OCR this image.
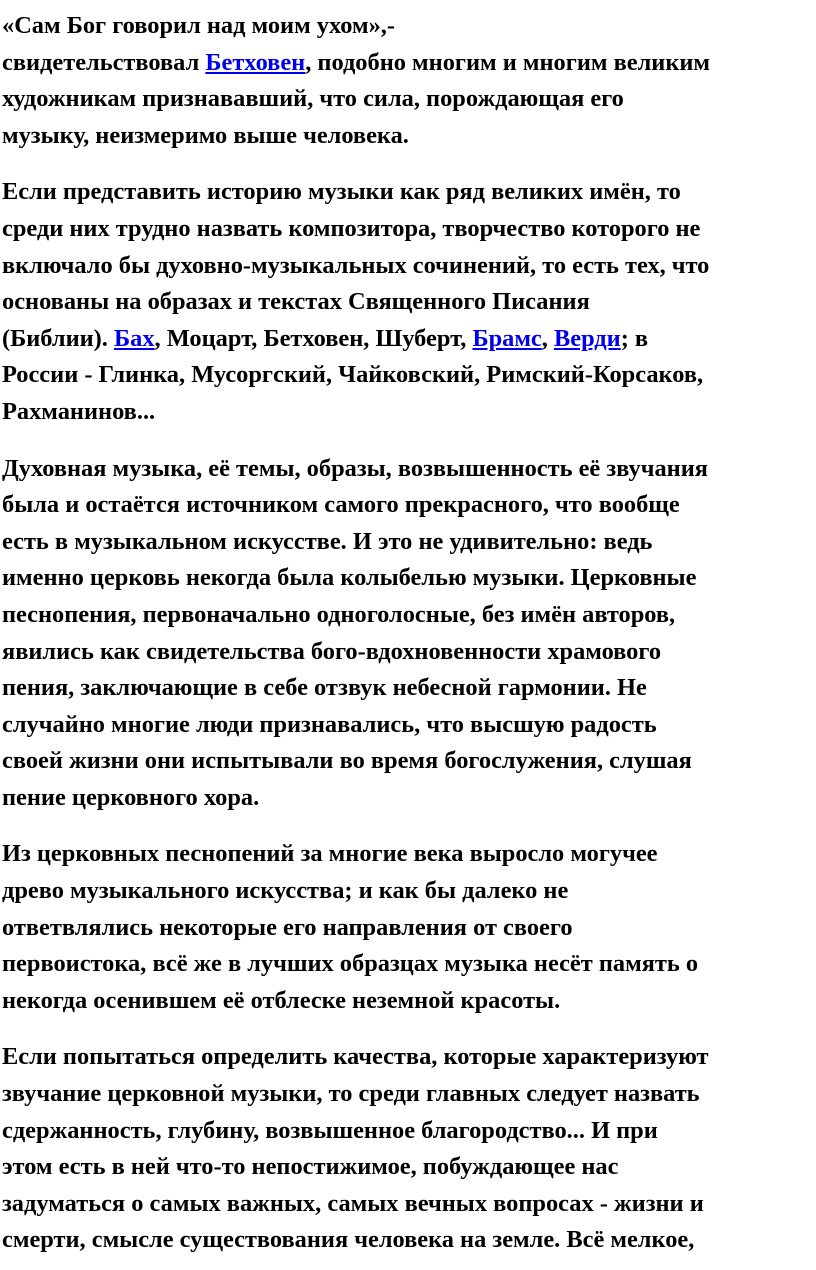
«Сам Бог говорил над моим ухом»,-
свидетельствовал Бетховен, подобно многим и многим великим
художникам признававший, что сила, порождающая его
музыку, неизмеримо выше человека.
Если представить историю музыки как ряд великих имён, то
среди них трудно назвать композитора, творчество которого не
включало бы духовно-музыкальных сочинений, то есть тех, что
основаны на образах и текстах Священного Писания
(Библии). Бах, Моцарт, Бетховен, Шуберт, Брамс, Верди; в
России - Глинка, Мусоргский, Чайковский, Римский-Корсаков,
Рахманинов...
Духовная музыка, её темы, образы, возвышенность её звучания
была и остаётся источником самого прекрасного, что вообще
есть в музыкальном искусстве. И это не удивительно: ведь
именно церковь некогда была колыбелью музыки. Церковные
песнопения, первоначально одноголосные, без имён авторов,
явились как свидетельства бого-вдохновенности храмового
пения, заключающие в себе отзвук небесной гармонии. Не
случайно многие люди признавались, что высшую радость
своей жизни они испытывали во время богослужения, слушая
пение церковного хора.
Из церковных песнопений за многие века выросло могучее
древо музыкального искусства; и как бы далеко не
ответвлялись некоторые его направления от своего
первоистока, всё же в лучших образцах музыка несёт память о
некогда осенившем её отблеске неземной красоты.
Если попытаться определить качества, которые характеризуют
звучание церковной музыки, то среди главных следует назвать
сдержанность, глубину, возвышенное благородство... И при
этом есть в ней что-то непостижимое, побуждающее нас
задуматься о самых важных, самых вечных вопросах - жизни и
смерти, смысле существования человека на земле. Всё мелкое,
